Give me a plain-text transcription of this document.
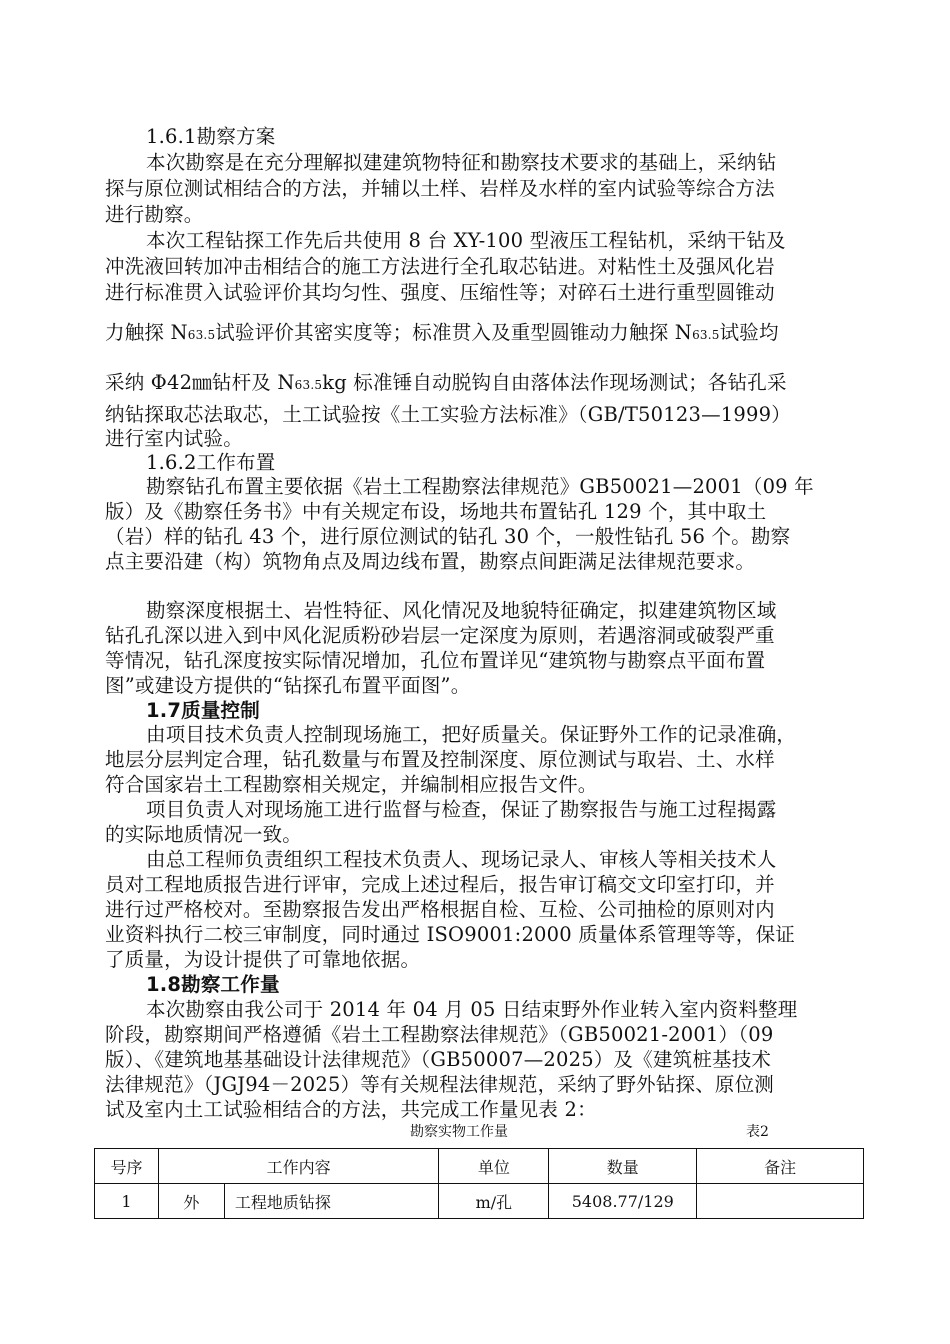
1.6.1勘察方案
本次勘察是在充分理解拟建建筑物特征和勘察技术要求的基础上，采纳钻
探与原位测试相结合的方法，并辅以土样、岩样及水样的室内试验等综合方法
进行勘察。
本次工程钻探工作先后共使用 8 台 XY-100 型液压工程钻机，采纳干钻及
冲洗液回转加冲击相结合的施工方法进行全孔取芯钻进。对粘性土及强风化岩
进行标准贯入试验评价其均匀性、强度、压缩性等；对碎石土进行重型圆锥动
力触探 N63.5试验评价其密实度等；标准贯入及重型圆锥动力触探 N63.5试验均
采纳 Φ42㎜钻杆及 N63.5kg 标准锤自动脱钩自由落体法作现场测试；各钻孔采
纳钻探取芯法取芯，土工试验按《土工实验方法标准》（GB/T50123—1999）
进行室内试验。
1.6.2工作布置
勘察钻孔布置主要依据《岩土工程勘察法律规范》GB50021—2001（09 年
版）及《勘察任务书》中有关规定布设，场地共布置钻孔 129 个，其中取土
（岩）样的钻孔 43 个，进行原位测试的钻孔 30 个，一般性钻孔 56 个。勘察
点主要沿建（构）筑物角点及周边线布置，勘察点间距满足法律规范要求。
勘察深度根据土、岩性特征、风化情况及地貌特征确定，拟建建筑物区域
钻孔孔深以进入到中风化泥质粉砂岩层一定深度为原则，若遇溶洞或破裂严重
等情况，钻孔深度按实际情况增加，孔位布置详见“建筑物与勘察点平面布置
图”或建设方提供的“钻探孔布置平面图”。
1.7质量控制
由项目技术负责人控制现场施工，把好质量关。保证野外工作的记录准确，
地层分层判定合理，钻孔数量与布置及控制深度、原位测试与取岩、土、水样
符合国家岩土工程勘察相关规定，并编制相应报告文件。
项目负责人对现场施工进行监督与检查，保证了勘察报告与施工过程揭露
的实际地质情况一致。
由总工程师负责组织工程技术负责人、现场记录人、审核人等相关技术人
员对工程地质报告进行评审，完成上述过程后，报告审订稿交文印室打印，并
进行过严格校对。至勘察报告发出严格根据自检、互检、公司抽检的原则对内
业资料执行二校三审制度，同时通过 ISO9001:2000 质量体系管理等等，保证
了质量，为设计提供了可靠地依据。
1.8勘察工作量
本次勘察由我公司于 2014 年 04 月 05 日结束野外作业转入室内资料整理
阶段，勘察期间严格遵循《岩土工程勘察法律规范》（GB50021-2001）（09
版）、《建筑地基基础设计法律规范》（GB50007—2025）及《建筑桩基技术
法律规范》（JGJ94－2025）等有关规程法律规范，采纳了野外钻探、原位测
试及室内土工试验相结合的方法，共完成工作量见表 2：
勘察实物工作量	表2
号序	工作内容		单位	数量	备注
1	外	工程地质钻探	m/孔	5408.77/129	
